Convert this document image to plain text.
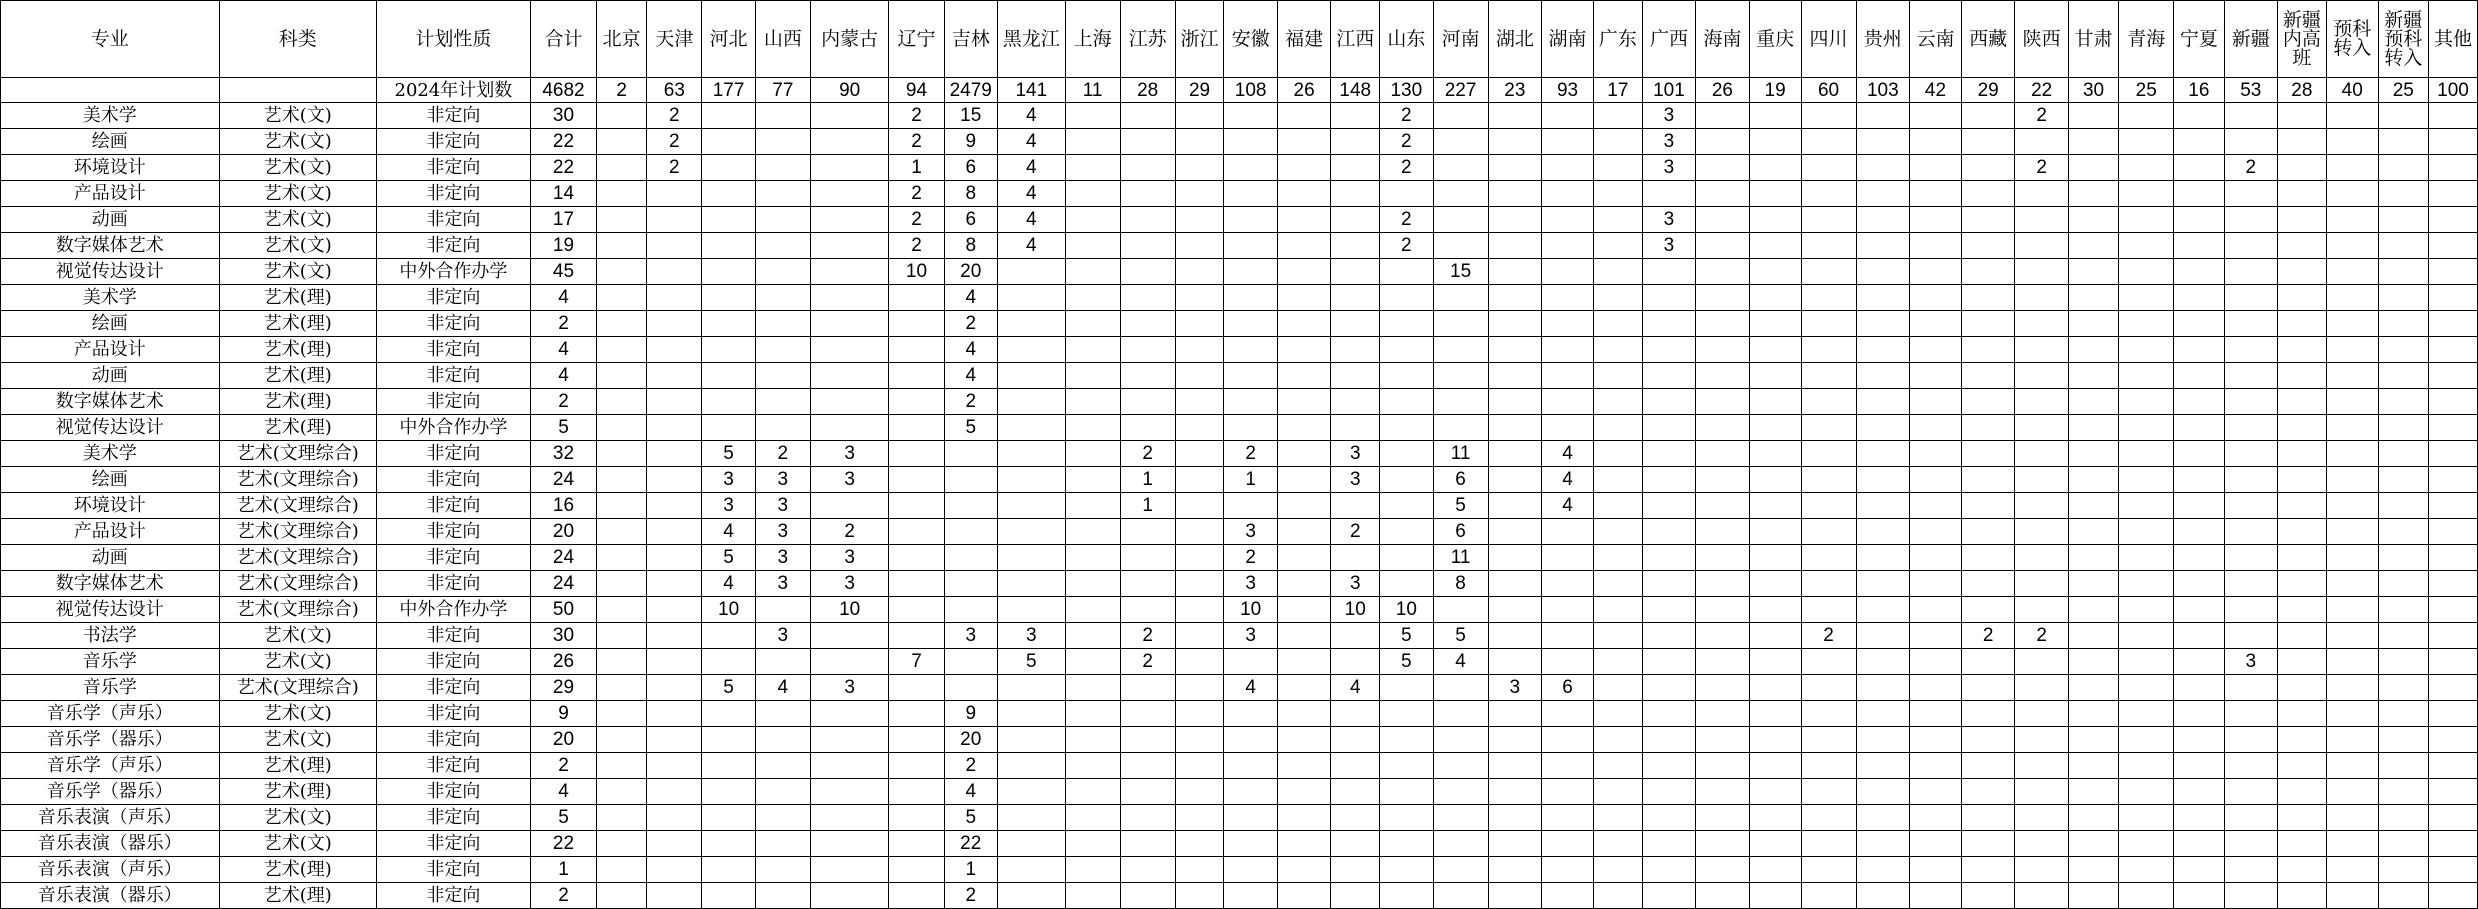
专业	科类	计划性质	合计	北京	天津	河北	山西	内蒙古	辽宁	吉林	黑龙江	上海	江苏	浙江	安徽	福建	江西	山东	河南	湖北	湖南	广东	广西	海南	重庆	四川	贵州	云南	西藏	陕西	甘肃	青海	宁夏	新疆	新疆内高班	预科转入	新疆预科转入	其他
		2024年计划数	4682	2	63	177	77	90	94	2479	141	11	28	29	108	26	148	130	227	23	93	17	101	26	19	60	103	42	29	22	30	25	16	53	28	40	25	100
美术学	艺术(文)	非定向	30		2				2	15	4							2					3							2								
绘画	艺术(文)	非定向	22		2				2	9	4							2					3															
环境设计	艺术(文)	非定向	22		2				1	6	4							2					3							2				2				
产品设计	艺术(文)	非定向	14						2	8	4																											
动画	艺术(文)	非定向	17						2	6	4							2					3															
数字媒体艺术	艺术(文)	非定向	19						2	8	4							2					3															
视觉传达设计	艺术(文)	中外合作办学	45						10	20									15																			
美术学	艺术(理)	非定向	4							4																												
绘画	艺术(理)	非定向	2							2																												
产品设计	艺术(理)	非定向	4							4																												
动画	艺术(理)	非定向	4							4																												
数字媒体艺术	艺术(理)	非定向	2							2																												
视觉传达设计	艺术(理)	中外合作办学	5							5																												
美术学	艺术(文理综合)	非定向	32			5	2	3					2		2		3		11		4																	
绘画	艺术(文理综合)	非定向	24			3	3	3					1		1		3		6		4																	
环境设计	艺术(文理综合)	非定向	16			3	3						1						5		4																	
产品设计	艺术(文理综合)	非定向	20			4	3	2							3		2		6																			
动画	艺术(文理综合)	非定向	24			5	3	3							2				11																			
数字媒体艺术	艺术(文理综合)	非定向	24			4	3	3							3		3		8																			
视觉传达设计	艺术(文理综合)	中外合作办学	50			10		10							10		10	10																				
书法学	艺术(文)	非定向	30				3			3	3		2		3			5	5							2			2	2								
音乐学	艺术(文)	非定向	26						7		5		2					5	4															3				
音乐学	艺术(文理综合)	非定向	29			5	4	3							4		4			3	6																	
音乐学（声乐）	艺术(文)	非定向	9							9																												
音乐学（器乐）	艺术(文)	非定向	20							20																												
音乐学（声乐）	艺术(理)	非定向	2							2																												
音乐学（器乐）	艺术(理)	非定向	4							4																												
音乐表演（声乐）	艺术(文)	非定向	5							5																												
音乐表演（器乐）	艺术(文)	非定向	22							22																												
音乐表演（声乐）	艺术(理)	非定向	1							1																												
音乐表演（器乐）	艺术(理)	非定向	2							2																												
